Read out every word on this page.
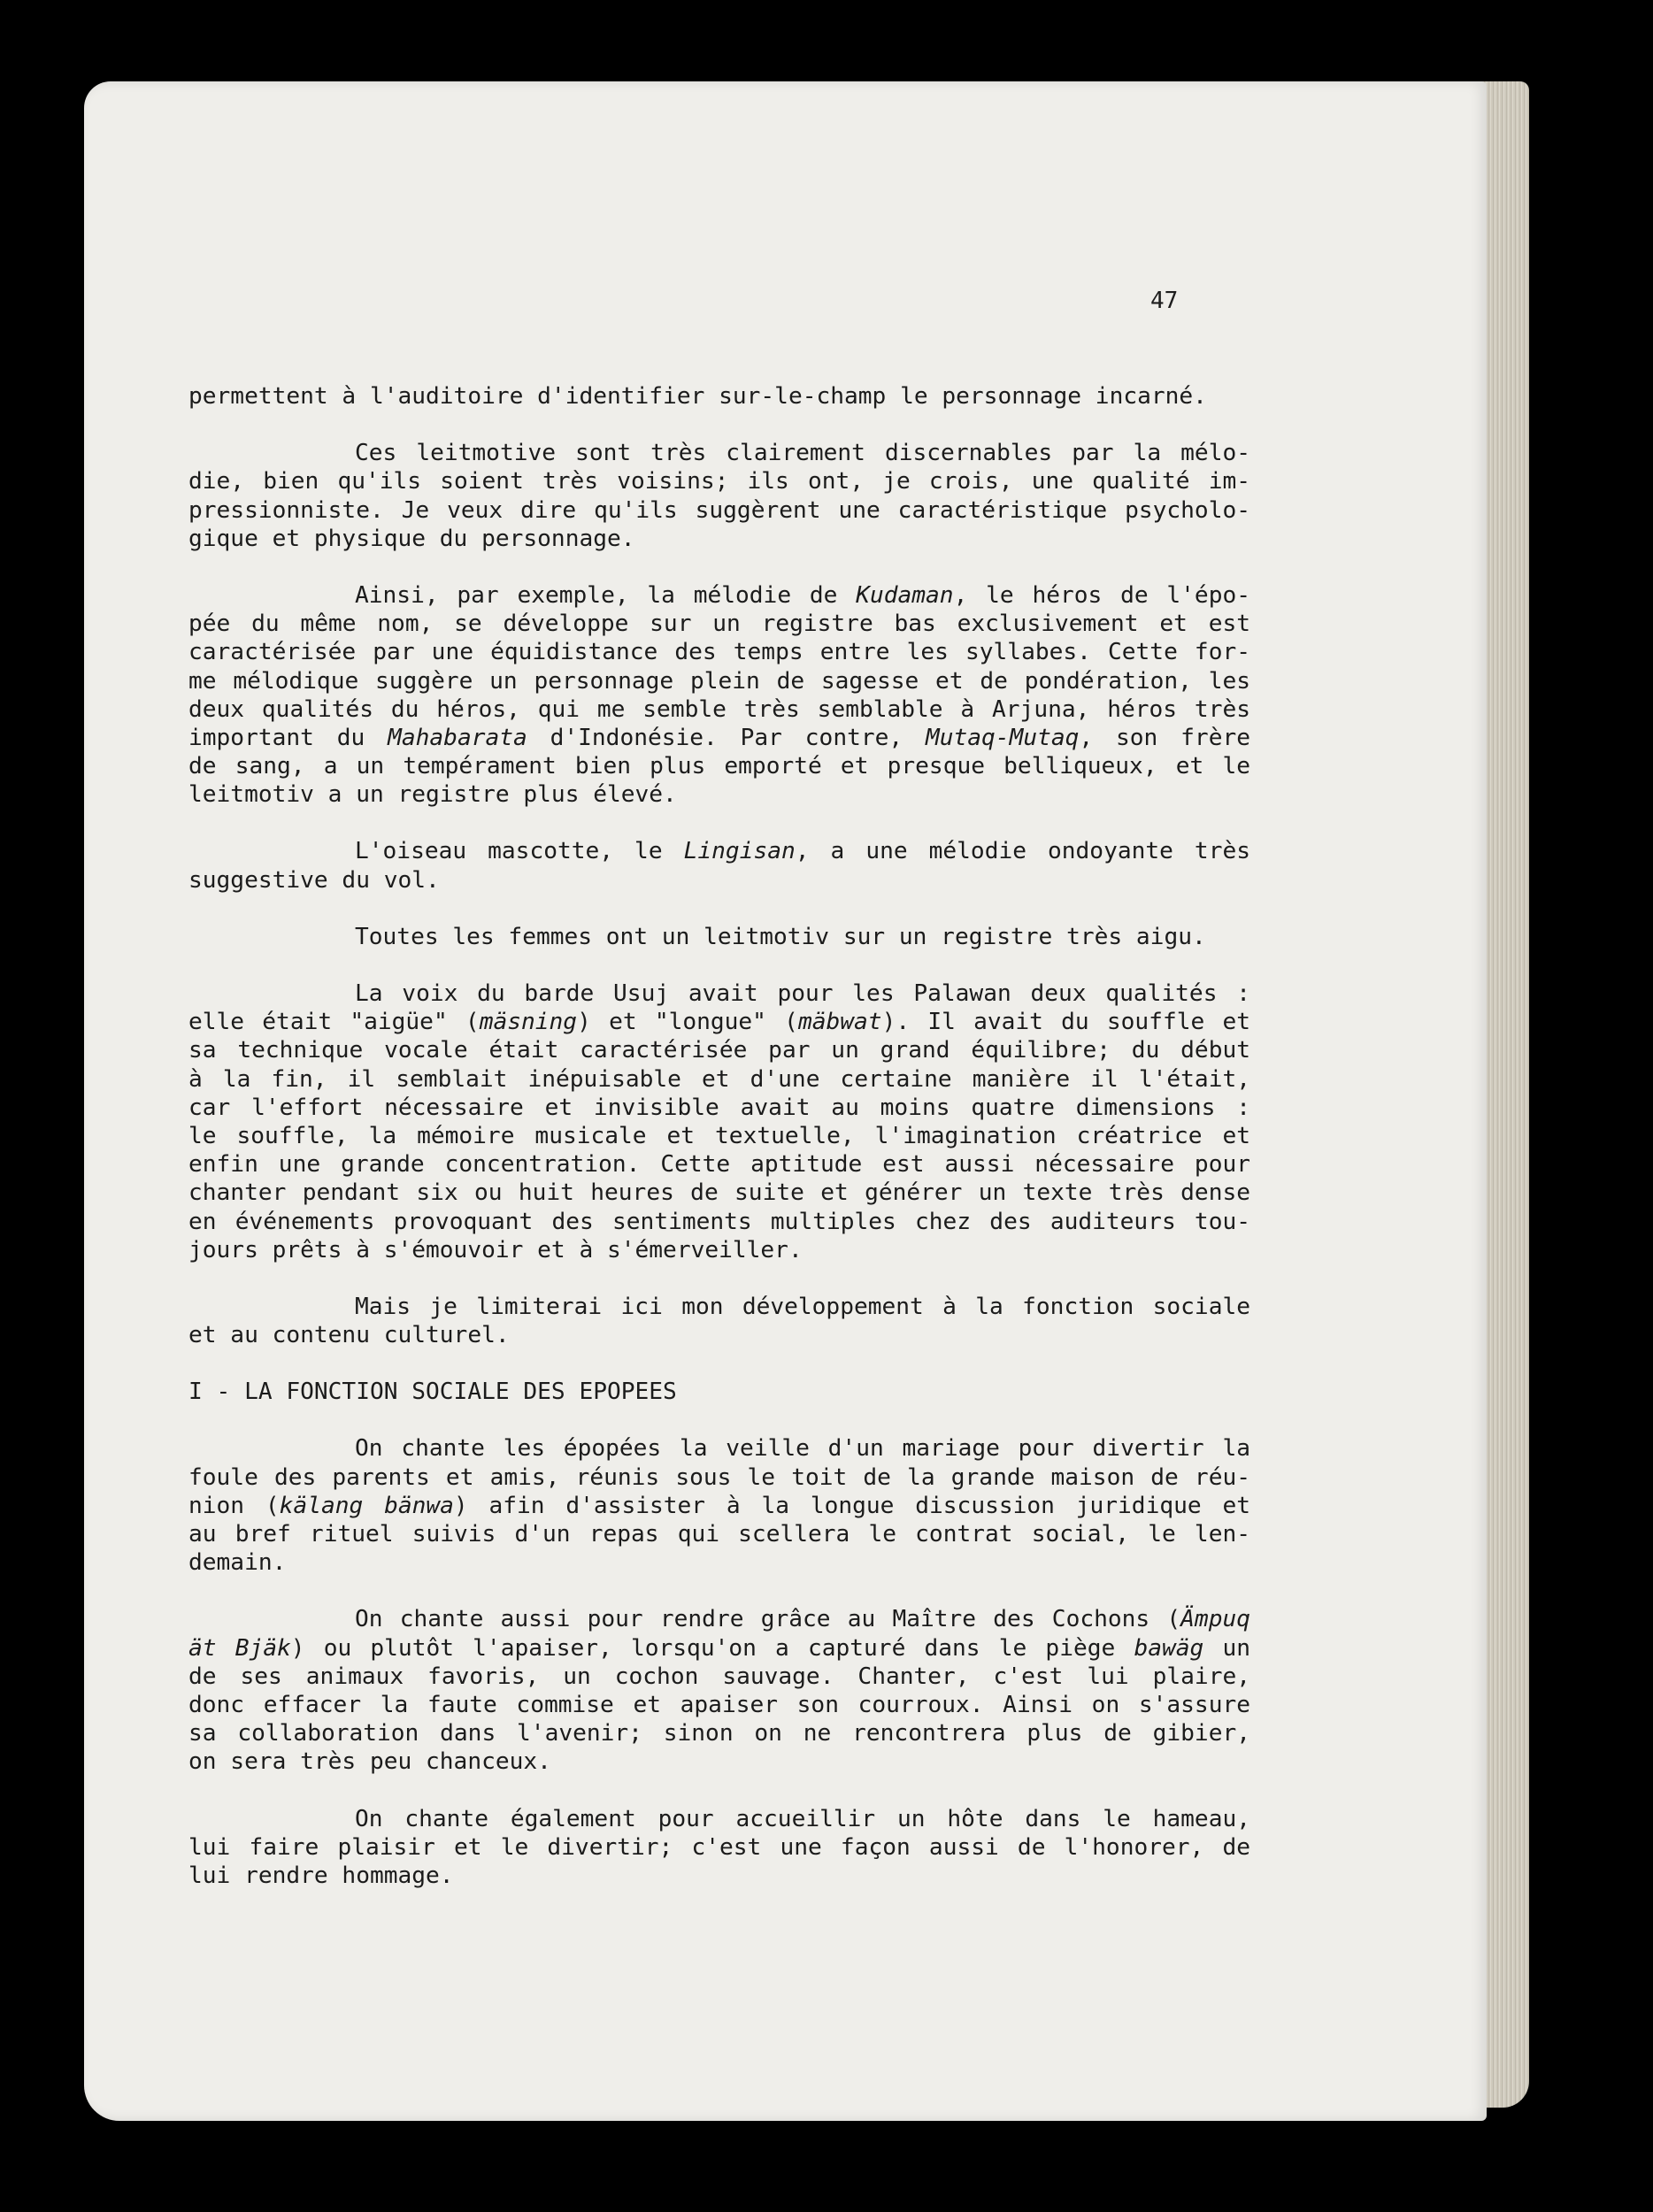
47
permettent à l'auditoire d'identifier sur-le-champ le personnage incarné.
Ces leitmotive sont très clairement discernables par la mélo-
die, bien qu'ils soient très voisins; ils ont, je crois, une qualité im-
pressionniste. Je veux dire qu'ils suggèrent une caractéristique psycholo-
gique et physique du personnage.
Ainsi, par exemple, la mélodie de Kudaman, le héros de l'épo-
pée du même nom, se développe sur un registre bas exclusivement et est
caractérisée par une équidistance des temps entre les syllabes. Cette for-
me mélodique suggère un personnage plein de sagesse et de pondération, les
deux qualités du héros, qui me semble très semblable à Arjuna, héros très
important du Mahabarata d'Indonésie. Par contre, Mutaq-Mutaq, son frère
de sang, a un tempérament bien plus emporté et presque belliqueux, et le
leitmotiv a un registre plus élevé.
L'oiseau mascotte, le Lingisan, a une mélodie ondoyante très
suggestive du vol.
Toutes les femmes ont un leitmotiv sur un registre très aigu.
La voix du barde Usuj avait pour les Palawan deux qualités :
elle était "aigüe" (mäsning) et "longue" (mäbwat). Il avait du souffle et
sa technique vocale était caractérisée par un grand équilibre; du début
à la fin, il semblait inépuisable et d'une certaine manière il l'était,
car l'effort nécessaire et invisible avait au moins quatre dimensions :
le souffle, la mémoire musicale et textuelle, l'imagination créatrice et
enfin une grande concentration. Cette aptitude est aussi nécessaire pour
chanter pendant six ou huit heures de suite et générer un texte très dense
en événements provoquant des sentiments multiples chez des auditeurs tou-
jours prêts à s'émouvoir et à s'émerveiller.
Mais je limiterai ici mon développement à la fonction sociale
et au contenu culturel.
I - LA FONCTION SOCIALE DES EPOPEES
On chante les épopées la veille d'un mariage pour divertir la
foule des parents et amis, réunis sous le toit de la grande maison de réu-
nion (kälang bänwa) afin d'assister à la longue discussion juridique et
au bref rituel suivis d'un repas qui scellera le contrat social, le len-
demain.
On chante aussi pour rendre grâce au Maître des Cochons (Ämpuq
ät Bjäk) ou plutôt l'apaiser, lorsqu'on a capturé dans le piège bawäg un
de ses animaux favoris, un cochon sauvage. Chanter, c'est lui plaire,
donc effacer la faute commise et apaiser son courroux. Ainsi on s'assure
sa collaboration dans l'avenir; sinon on ne rencontrera plus de gibier,
on sera très peu chanceux.
On chante également pour accueillir un hôte dans le hameau,
lui faire plaisir et le divertir; c'est une façon aussi de l'honorer, de
lui rendre hommage.
